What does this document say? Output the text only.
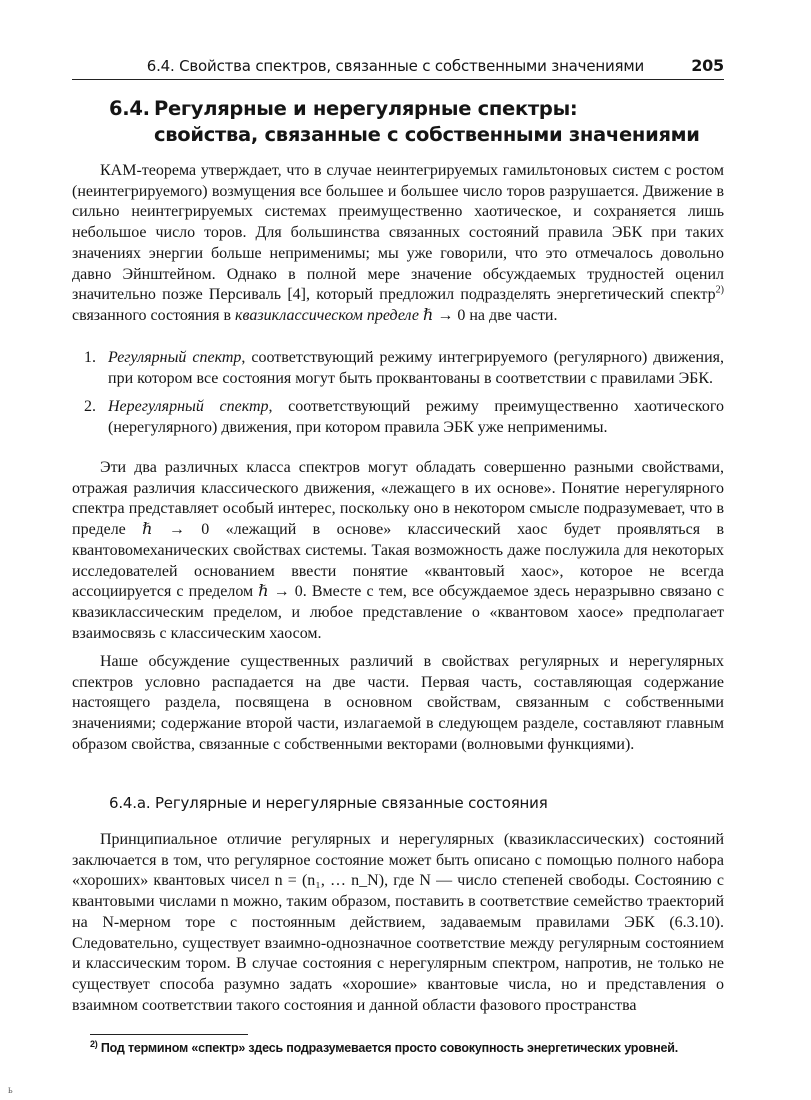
6.4. Свойства спектров, связанные с собственными значениями	205
6.4. Регулярные и нерегулярные спектры:
свойства, связанные с собственными значениями

КАМ-теорема утверждает, что в случае неинтегрируемых гамильтоновых систем с ростом (неинтегрируемого) возмущения все большее и большее число торов разрушается. Движение в сильно неинтегрируемых системах преимущественно хаотическое, и сохраняется лишь небольшое число торов. Для большинства связанных состояний правила ЭБК при таких значениях энергии больше неприменимы; мы уже говорили, что это отмечалось довольно давно Эйнштейном. Однако в полной мере значение обсуждаемых трудностей оценил значительно позже Персиваль [4], который предложил подразделять энергетический спектр$^{2)}$ связанного состояния в квазиклассическом пределе ℏ → 0 на две части.

1. Регулярный спектр, соответствующий режиму интегрируемого (регулярного) движения, при котором все состояния могут быть проквантованы в соответствии с правилами ЭБК.
2. Нерегулярный спектр, соответствующий режиму преимущественно хаотического (нерегулярного) движения, при котором правила ЭБК уже неприменимы.

Эти два различных класса спектров могут обладать совершенно разными свойствами, отражая различия классического движения, «лежащего в их основе». Понятие нерегулярного спектра представляет особый интерес, поскольку оно в некотором смысле подразумевает, что в пределе ℏ → 0 «лежащий в основе» классический хаос будет проявляться в квантовомеханических свойствах системы. Такая возможность даже послужила для некоторых исследователей основанием ввести понятие «квантовый хаос», которое не всегда ассоциируется с пределом ℏ → 0. Вместе с тем, все обсуждаемое здесь неразрывно связано с квазиклассическим пределом, и любое представление о «квантовом хаосе» предполагает взаимосвязь с классическим хаосом.

Наше обсуждение существенных различий в свойствах регулярных и нерегулярных спектров условно распадается на две части. Первая часть, составляющая содержание настоящего раздела, посвящена в основном свойствам, связанным с собственными значениями; содержание второй части, излагаемой в следующем разделе, составляют главным образом свойства, связанные с собственными векторами (волновыми функциями).

6.4.а. Регулярные и нерегулярные связанные состояния

Принципиальное отличие регулярных и нерегулярных (квазиклассических) состояний заключается в том, что регулярное состояние может быть описано с помощью полного набора «хороших» квантовых чисел n = (n₁, … n_N), где N — число степеней свободы. Состоянию с квантовыми числами n можно, таким образом, поставить в соответствие семейство траекторий на N-мерном торе с постоянным действием, задаваемым правилами ЭБК (6.3.10). Следовательно, существует взаимно-однозначное соответствие между регулярным состоянием и классическим тором. В случае состояния с нерегулярным спектром, напротив, не только не существует способа разумно задать «хорошие» квантовые числа, но и представления о взаимном соответствии такого состояния и данной области фазового пространства

$^{2)}$ Под термином «спектр» здесь подразумевается просто совокупность энергетических уровней.
Ь
